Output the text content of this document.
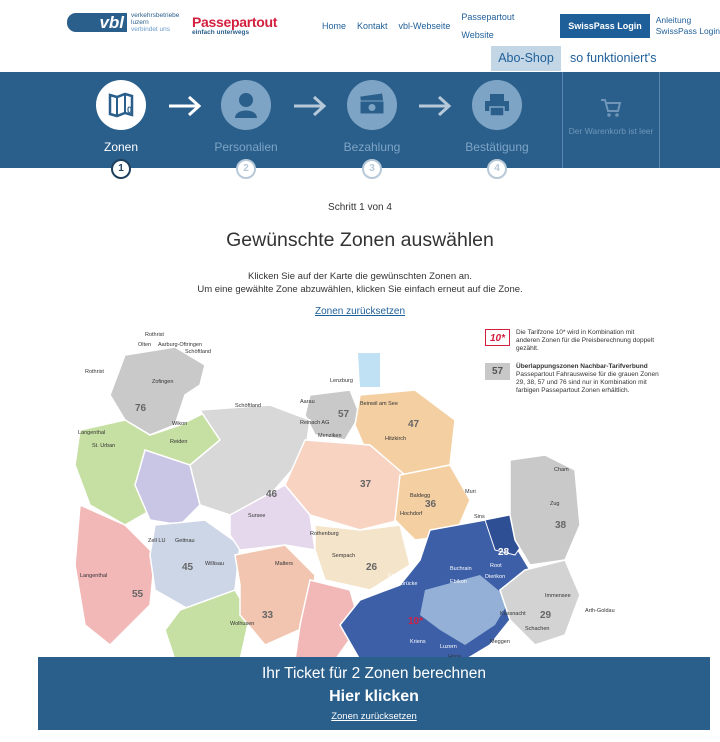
vbl	verkehrsbetriebe
luzern
verbindet uns	Passepartout
einfach unterwegs
Home Kontakt vbl-Webseite
Passepartout Website
SwissPass Login
Anleitung
SwissPass Login
Abo-Shop	so funktioniert's
0
Zonen	Personalien	Bezahlung	Bestätigung
Der Warenkorb ist leer
1	2	3	4
Schritt 1 von 4
Gewünschte Zonen auswählen
Klicken Sie auf der Karte die gewünschten Zonen an.
Um eine gewählte Zone abzuwählen, klicken Sie einfach erneut auf die Zone.
Zonen zurücksetzen
76
57
47
46
37
36
28
38
26
45
55
33	29
10*
Rothrist
Olten Aarburg-Oftringen
Schöftland
Rothrist
Zofingen	Lenzburg
Aarau
Schöftland
Langenthal
St. Urban
Reiden
Wikon
Sursee
Willisau
Luzern
Sempach
Emmenbrücke
Kriens	Meggen
Zug
Cham
Arth-Goldau
Immensee
Küssnacht
Hochdorf
Hitzkirch
Menziken
Reinach AG
Beinwil am See
Muri
Sins
Langenthal
Zell LU Gettnau
Rothenburg
Malters
Wolhusen
Schachen
Ebikon
Buchrain	Root
Dierikon
Emmen
Baldegg
10*
Die Tarifzone 10* wird in Kombination mit anderen Zonen für die Preisberechnung doppelt gezählt.
57	Überlappungszonen Nachbar-Tarifverbund
Passepartout Fahrausweise für die grauen Zonen 29, 38, 57 und 76 sind nur in Kombination mit farbigen Passepartout Zonen erhältlich.
Ihr Ticket für 2 Zonen berechnen
Hier klicken
Zonen zurücksetzen
